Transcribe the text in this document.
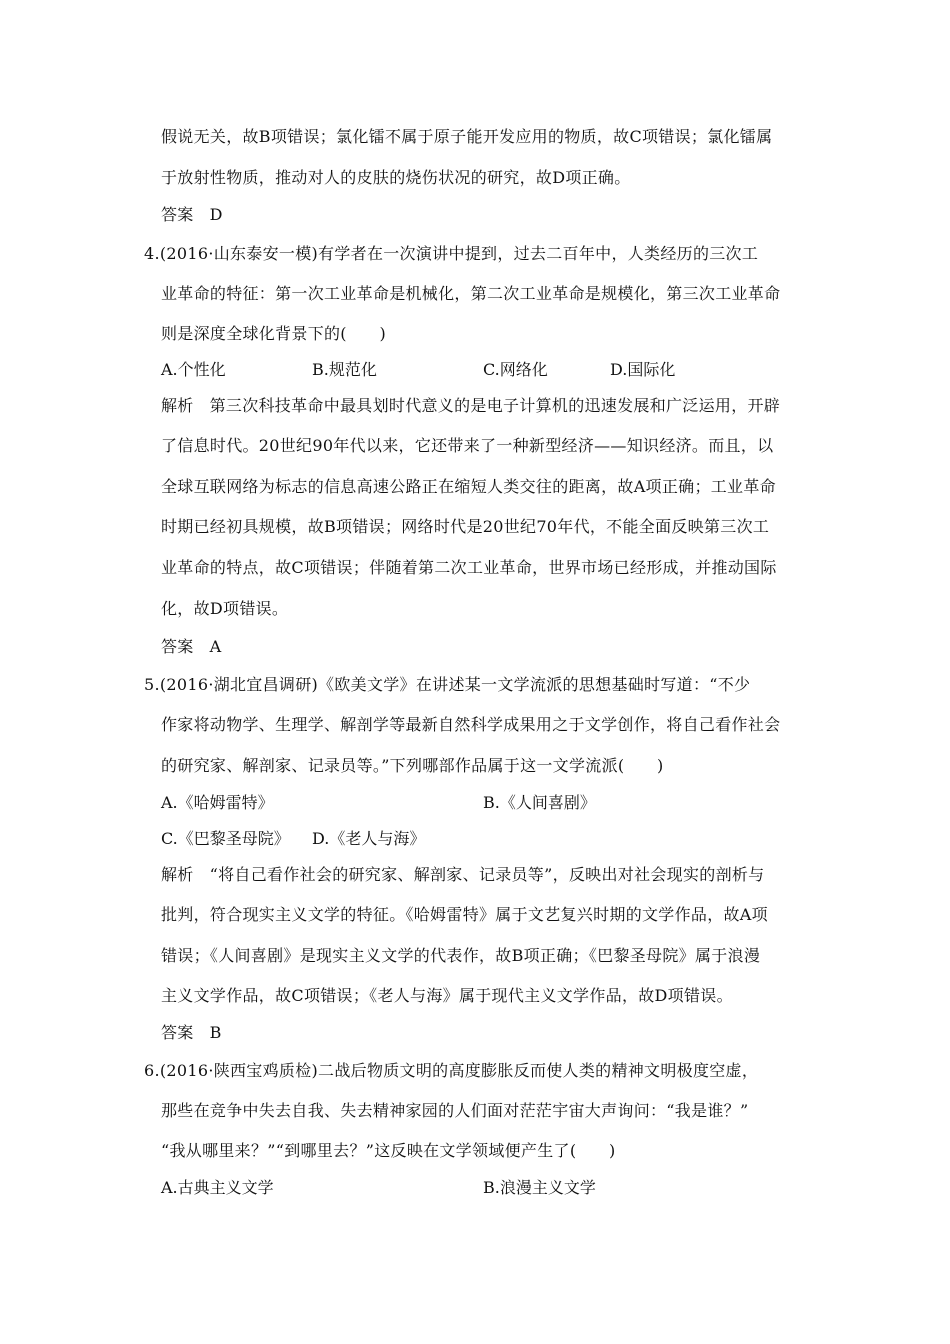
假说无关，故B项错误；氯化镭不属于原子能开发应用的物质，故C项错误；氯化镭属
于放射性物质，推动对人的皮肤的烧伤状况的研究，故D项正确。
答案 D
4.(2016·山东泰安一模)有学者在一次演讲中提到，过去二百年中，人类经历的三次工
业革命的特征：第一次工业革命是机械化，第二次工业革命是规模化，第三次工业革命
则是深度全球化背景下的(　　)
A.个性化	B.规范化	C.网络化	D.国际化
解析 第三次科技革命中最具划时代意义的是电子计算机的迅速发展和广泛运用，开辟
了信息时代。20世纪90年代以来，它还带来了一种新型经济——知识经济。而且，以
全球互联网络为标志的信息高速公路正在缩短人类交往的距离，故A项正确；工业革命
时期已经初具规模，故B项错误；网络时代是20世纪70年代，不能全面反映第三次工
业革命的特点，故C项错误；伴随着第二次工业革命，世界市场已经形成，并推动国际
化，故D项错误。
答案 A
5.(2016·湖北宜昌调研)《欧美文学》在讲述某一文学流派的思想基础时写道：“不少
作家将动物学、生理学、解剖学等最新自然科学成果用之于文学创作，将自己看作社会
的研究家、解剖家、记录员等。”下列哪部作品属于这一文学流派(　　)
A.《哈姆雷特》	B.《人间喜剧》
C.《巴黎圣母院》 D.《老人与海》
解析 “将自己看作社会的研究家、解剖家、记录员等”，反映出对社会现实的剖析与
批判，符合现实主义文学的特征。《哈姆雷特》属于文艺复兴时期的文学作品，故A项
错误；《人间喜剧》是现实主义文学的代表作，故B项正确；《巴黎圣母院》属于浪漫
主义文学作品，故C项错误；《老人与海》属于现代主义文学作品，故D项错误。
答案 B
6.(2016·陕西宝鸡质检)二战后物质文明的高度膨胀反而使人类的精神文明极度空虚，
那些在竞争中失去自我、失去精神家园的人们面对茫茫宇宙大声询问：“我是谁？”
“我从哪里来？”“到哪里去？”这反映在文学领域便产生了(　　)
A.古典主义文学	B.浪漫主义文学
